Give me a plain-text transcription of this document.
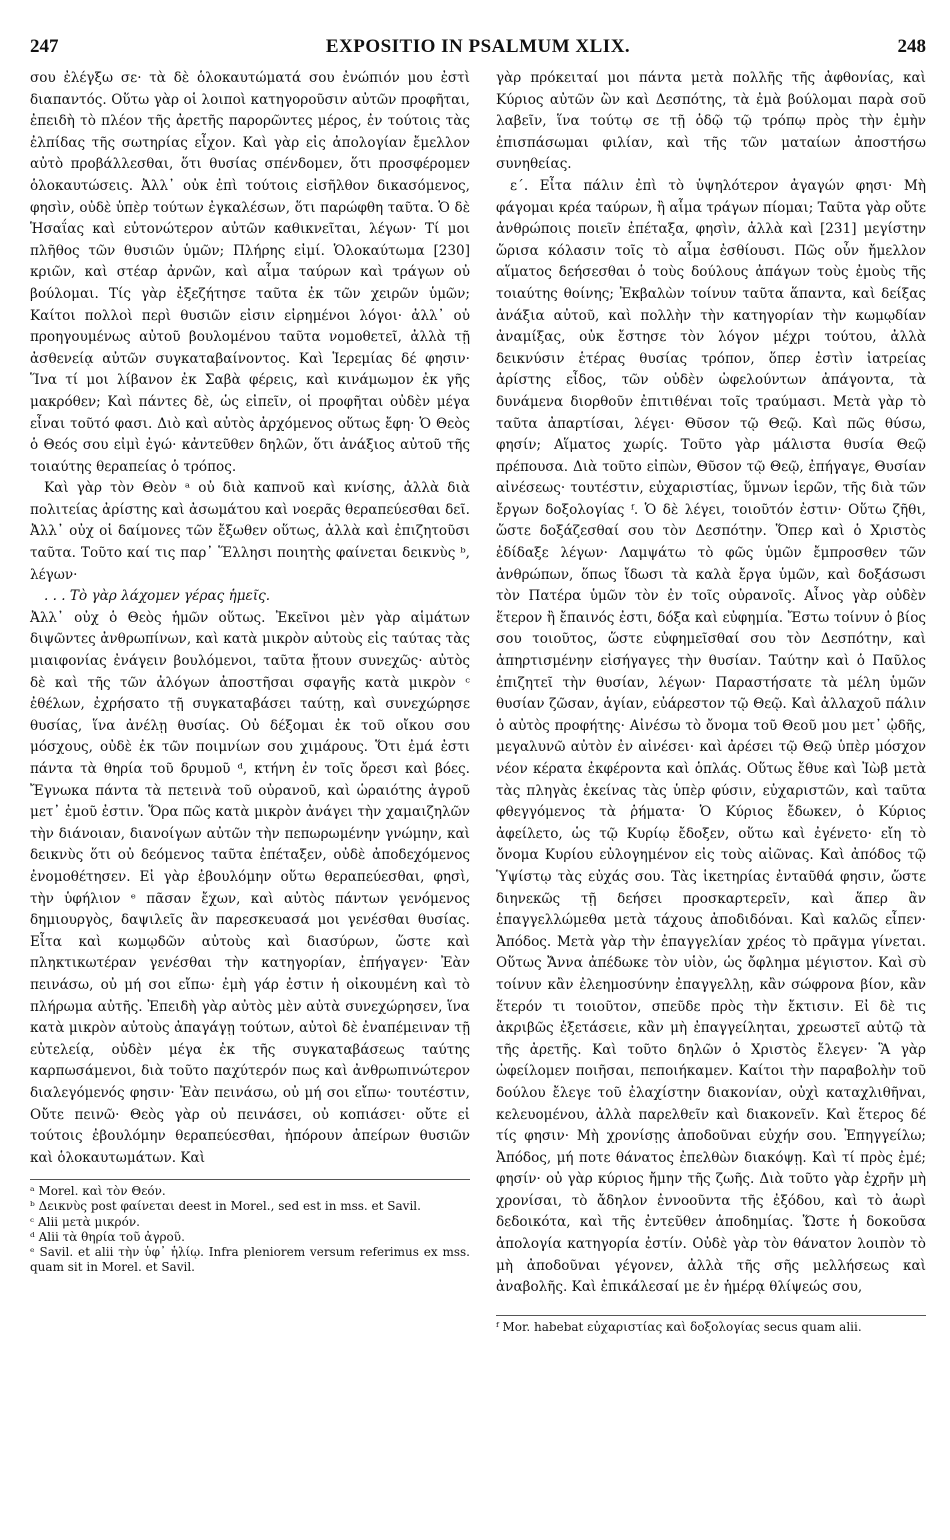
247	EXPOSITIO IN PSALMUM XLIX.	248

σου ἐλέγξω σε· τὰ δὲ ὁλοκαυτώματά σου ἐνώπιόν μου ἐστὶ διαπαντός. Οὕτω γὰρ οἱ λοιποὶ κατηγοροῦσιν αὐτῶν προφῆται, ἐπειδὴ τὸ πλέον τῆς ἀρετῆς παρορῶντες μέρος, ἐν τούτοις τὰς ἐλπίδας τῆς σωτηρίας εἶχον. Καὶ γὰρ εἰς ἀπολογίαν ἔμελλον αὐτὸ προβάλλεσθαι, ὅτι θυσίας σπένδομεν, ὅτι προσφέρομεν ὁλοκαυτώσεις. Ἀλλ᾽ οὐκ ἐπὶ τούτοις εἰσῆλθον δικασόμενος, φησὶν, οὐδὲ ὑπὲρ τούτων ἐγκαλέσων, ὅτι παρώφθη ταῦτα. Ὁ δὲ Ἡσαΐας καὶ εὐτονώτερον αὐτῶν καθικνεῖται, λέγων· Τί μοι πλῆθος τῶν θυσιῶν ὑμῶν; Πλήρης εἰμί. Ὁλοκαύτωμα [230] κριῶν, καὶ στέαρ ἀρνῶν, καὶ αἷμα ταύρων καὶ τράγων οὐ βούλομαι. Τίς γὰρ ἐξεζήτησε ταῦτα ἐκ τῶν χειρῶν ὑμῶν; Καίτοι πολλοὶ περὶ θυσιῶν εἰσιν εἰρημένοι λόγοι· ἀλλ᾽ οὐ προηγουμένως αὐτοῦ βουλομένου ταῦτα νομοθετεῖ, ἀλλὰ τῇ ἀσθενείᾳ αὐτῶν συγκαταβαίνοντος. Καὶ Ἱερεμίας δέ φησιν· Ἵνα τί μοι λίβανον ἐκ Σαβὰ φέρεις, καὶ κινάμωμον ἐκ γῆς μακρόθεν; Καὶ πάντες δὲ, ὡς εἰπεῖν, οἱ προφῆται οὐδὲν μέγα εἶναι τοῦτό φασι. Διὸ καὶ αὐτὸς ἀρχόμενος οὕτως ἔφη· Ὁ Θεὸς ὁ Θεός σου εἰμὶ ἐγώ· κἀντεῦθεν δηλῶν, ὅτι ἀνάξιος αὐτοῦ τῆς τοιαύτης θεραπείας ὁ τρόπος.

Καὶ γὰρ τὸν Θεὸν ᵃ οὐ διὰ καπνοῦ καὶ κνίσης, ἀλλὰ διὰ πολιτείας ἀρίστης καὶ ἀσωμάτου καὶ νοερᾶς θεραπεύεσθαι δεῖ. Ἀλλ᾽ οὐχ οἱ δαίμονες τῶν ἔξωθεν οὕτως, ἀλλὰ καὶ ἐπιζητοῦσι ταῦτα. Τοῦτο καί τις παρ᾽ Ἕλλησι ποιητὴς φαίνεται δεικνὺς ᵇ, λέγων·

. . . Τὸ γὰρ λάχομεν γέρας ἡμεῖς.

Ἀλλ᾽ οὐχ ὁ Θεὸς ἡμῶν οὕτως. Ἐκεῖνοι μὲν γὰρ αἱμάτων διψῶντες ἀνθρωπίνων, καὶ κατὰ μικρὸν αὐτοὺς εἰς ταύτας τὰς μιαιφονίας ἐνάγειν βουλόμενοι, ταῦτα ᾔτουν συνεχῶς· αὐτὸς δὲ καὶ τῆς τῶν ἀλόγων ἀποστῆσαι σφαγῆς κατὰ μικρὸν ᶜ ἐθέλων, ἐχρήσατο τῇ συγκαταβάσει ταύτῃ, καὶ συνεχώρησε θυσίας, ἵνα ἀνέλῃ θυσίας. Οὐ δέξομαι ἐκ τοῦ οἴκου σου μόσχους, οὐδὲ ἐκ τῶν ποιμνίων σου χιμάρους. Ὅτι ἐμά ἐστι πάντα τὰ θηρία τοῦ δρυμοῦ ᵈ, κτήνη ἐν τοῖς ὄρεσι καὶ βόες. Ἔγνωκα πάντα τὰ πετεινὰ τοῦ οὐρανοῦ, καὶ ὡραιότης ἀγροῦ μετ᾽ ἐμοῦ ἐστιν. Ὅρα πῶς κατὰ μικρὸν ἀνάγει τὴν χαμαιζηλῶν τὴν διάνοιαν, διανοίγων αὐτῶν τὴν πεπωρωμένην γνώμην, καὶ δεικνὺς ὅτι οὐ δεόμενος ταῦτα ἐπέταξεν, οὐδὲ ἀποδεχόμενος ἐνομοθέτησεν. Εἰ γὰρ ἐβουλόμην οὕτω θεραπεύεσθαι, φησὶ, τὴν ὑφήλιον ᵉ πᾶσαν ἔχων, καὶ αὐτὸς πάντων γενόμενος δημιουργὸς, δαψιλεῖς ἂν παρεσκευασά μοι γενέσθαι θυσίας. Εἶτα καὶ κωμῳδῶν αὐτοὺς καὶ διασύρων, ὥστε καὶ πληκτικωτέραν γενέσθαι τὴν κατηγορίαν, ἐπήγαγεν· Ἐὰν πεινάσω, οὐ μή σοι εἴπω· ἐμὴ γάρ ἐστιν ἡ οἰκουμένη καὶ τὸ πλήρωμα αὐτῆς. Ἐπειδὴ γὰρ αὐτὸς μὲν αὐτὰ συνεχώρησεν, ἵνα κατὰ μικρὸν αὐτοὺς ἀπαγάγῃ τούτων, αὐτοὶ δὲ ἐναπέμειναν τῇ εὐτελείᾳ, οὐδὲν μέγα ἐκ τῆς συγκαταβάσεως ταύτης καρπωσάμενοι, διὰ τοῦτο παχύτερόν πως καὶ ἀνθρωπινώτερον διαλεγόμενός φησιν· Ἐὰν πεινάσω, οὐ μή σοι εἴπω· τουτέστιν, Οὔτε πεινῶ· Θεὸς γὰρ οὐ πεινάσει, οὐ κοπιάσει· οὔτε εἰ τούτοις ἐβουλόμην θεραπεύεσθαι, ἠπόρουν ἀπείρων θυσιῶν καὶ ὁλοκαυτωμάτων. Καὶ

ᵃ Morel. καὶ τὸν Θεόν.
ᵇ Δεικνὺς post φαίνεται deest in Morel., sed est in mss. et Savil.
ᶜ Alii μετὰ μικρόν.
ᵈ Alii τὰ θηρία τοῦ ἀγροῦ.
ᵉ Savil. et alii τὴν ὑφ᾽ ἡλίῳ. Infra pleniorem versum referimus ex mss. quam sit in Morel. et Savil.

γὰρ πρόκειταί μοι πάντα μετὰ πολλῆς τῆς ἀφθονίας, καὶ Κύριος αὐτῶν ὢν καὶ Δεσπότης, τὰ ἐμὰ βούλομαι παρὰ σοῦ λαβεῖν, ἵνα τούτῳ σε τῇ ὁδῷ τῷ τρόπῳ πρὸς τὴν ἐμὴν ἐπισπάσωμαι φιλίαν, καὶ τῆς τῶν ματαίων ἀποστήσω συνηθείας.

ε´. Εἶτα πάλιν ἐπὶ τὸ ὑψηλότερον ἀγαγών φησι· Μὴ φάγομαι κρέα ταύρων, ἢ αἷμα τράγων πίομαι; Ταῦτα γὰρ οὔτε ἀνθρώποις ποιεῖν ἐπέταξα, φησὶν, ἀλλὰ καὶ [231] μεγίστην ὥρισα κόλασιν τοῖς τὸ αἷμα ἐσθίουσι. Πῶς οὖν ἤμελλον αἵματος δεήσεσθαι ὁ τοὺς δούλους ἀπάγων τοὺς ἐμοὺς τῆς τοιαύτης θοίνης; Ἐκβαλὼν τοίνυν ταῦτα ἅπαντα, καὶ δείξας ἀνάξια αὐτοῦ, καὶ πολλὴν τὴν κατηγορίαν τὴν κωμῳδίαν ἀναμίξας, οὐκ ἔστησε τὸν λόγον μέχρι τούτου, ἀλλὰ δεικνύσιν ἑτέρας θυσίας τρόπον, ὅπερ ἐστὶν ἰατρείας ἀρίστης εἶδος, τῶν οὐδὲν ὠφελούντων ἀπάγοντα, τὰ δυνάμενα διορθοῦν ἐπιτιθέναι τοῖς τραύμασι. Μετὰ γὰρ τὸ ταῦτα ἀπαρτίσαι, λέγει· Θῦσον τῷ Θεῷ. Καὶ πῶς θύσω, φησίν; Αἵματος χωρίς. Τοῦτο γὰρ μάλιστα θυσία Θεῷ πρέπουσα. Διὰ τοῦτο εἰπὼν, Θῦσον τῷ Θεῷ, ἐπήγαγε, Θυσίαν αἰνέσεως· τουτέστιν, εὐχαριστίας, ὕμνων ἱερῶν, τῆς διὰ τῶν ἔργων δοξολογίας ᶠ. Ὁ δὲ λέγει, τοιοῦτόν ἐστιν· Οὕτω ζῆθι, ὥστε δοξάζεσθαί σου τὸν Δεσπότην. Ὅπερ καὶ ὁ Χριστὸς ἐδίδαξε λέγων· Λαμψάτω τὸ φῶς ὑμῶν ἔμπροσθεν τῶν ἀνθρώπων, ὅπως ἴδωσι τὰ καλὰ ἔργα ὑμῶν, καὶ δοξάσωσι τὸν Πατέρα ὑμῶν τὸν ἐν τοῖς οὐρανοῖς. Αἶνος γὰρ οὐδὲν ἕτερον ἢ ἔπαινός ἐστι, δόξα καὶ εὐφημία. Ἔστω τοίνυν ὁ βίος σου τοιοῦτος, ὥστε εὐφημεῖσθαί σου τὸν Δεσπότην, καὶ ἀπηρτισμένην εἰσήγαγες τὴν θυσίαν. Ταύτην καὶ ὁ Παῦλος ἐπιζητεῖ τὴν θυσίαν, λέγων· Παραστήσατε τὰ μέλη ὑμῶν θυσίαν ζῶσαν, ἁγίαν, εὐάρεστον τῷ Θεῷ. Καὶ ἀλλαχοῦ πάλιν ὁ αὐτὸς προφήτης· Αἰνέσω τὸ ὄνομα τοῦ Θεοῦ μου μετ᾽ ᾠδῆς, μεγαλυνῶ αὐτὸν ἐν αἰνέσει· καὶ ἀρέσει τῷ Θεῷ ὑπὲρ μόσχον νέον κέρατα ἐκφέροντα καὶ ὁπλάς. Οὕτως ἔθυε καὶ Ἰὼβ μετὰ τὰς πληγὰς ἐκείνας τὰς ὑπὲρ φύσιν, εὐχαριστῶν, καὶ ταῦτα φθεγγόμενος τὰ ῥήματα· Ὁ Κύριος ἔδωκεν, ὁ Κύριος ἀφείλετο, ὡς τῷ Κυρίῳ ἔδοξεν, οὕτω καὶ ἐγένετο· εἴη τὸ ὄνομα Κυρίου εὐλογημένον εἰς τοὺς αἰῶνας. Καὶ ἀπόδος τῷ Ὑψίστῳ τὰς εὐχάς σου. Τὰς ἱκετηρίας ἐνταῦθά φησιν, ὥστε διηνεκῶς τῇ δεήσει προσκαρτερεῖν, καὶ ἅπερ ἂν ἐπαγγελλώμεθα μετὰ τάχους ἀποδιδόναι. Καὶ καλῶς εἶπεν· Ἀπόδος. Μετὰ γὰρ τὴν ἐπαγγελίαν χρέος τὸ πρᾶγμα γίνεται. Οὕτως Ἄννα ἀπέδωκε τὸν υἱὸν, ὡς ὄφλημα μέγιστον. Καὶ σὺ τοίνυν κἂν ἐλεημοσύνην ἐπαγγελλῃ, κἂν σώφρονα βίον, κἂν ἕτερόν τι τοιοῦτον, σπεῦδε πρὸς τὴν ἔκτισιν. Εἰ δὲ τις ἀκριβῶς ἐξετάσειε, κἂν μὴ ἐπαγγείληται, χρεωστεῖ αὐτῷ τὰ τῆς ἀρετῆς. Καὶ τοῦτο δηλῶν ὁ Χριστὸς ἔλεγεν· Ἃ γὰρ ὠφείλομεν ποιῆσαι, πεποιήκαμεν. Καίτοι τὴν παραβολὴν τοῦ δούλου ἔλεγε τοῦ ἐλαχίστην διακονίαν, οὐχὶ καταχλιθῆναι, κελευομένου, ἀλλὰ παρελθεῖν καὶ διακονεῖν. Καὶ ἕτερος δέ τίς φησιν· Μὴ χρονίσῃς ἀποδοῦναι εὐχήν σου. Ἐπηγγείλω; Ἀπόδος, μή ποτε θάνατος ἐπελθὼν διακόψῃ. Καὶ τί πρὸς ἐμέ; φησίν· οὐ γὰρ κύριος ἤμην τῆς ζωῆς. Διὰ τοῦτο γὰρ ἐχρῆν μὴ χρονίσαι, τὸ ἄδηλον ἐννοοῦντα τῆς ἐξόδου, καὶ τὸ ἀωρὶ δεδοικότα, καὶ τῆς ἐντεῦθεν ἀποδημίας. Ὥστε ἡ δοκοῦσα ἀπολογία κατηγορία ἐστίν. Οὐδὲ γὰρ τὸν θάνατον λοιπὸν τὸ μὴ ἀποδοῦναι γέγονεν, ἀλλὰ τῆς σῆς μελλήσεως καὶ ἀναβολῆς. Καὶ ἐπικάλεσαί με ἐν ἡμέρᾳ θλίψεώς σου,

ᶠ Mor. habebat εὐχαριστίας καὶ δοξολογίας secus quam alii.
